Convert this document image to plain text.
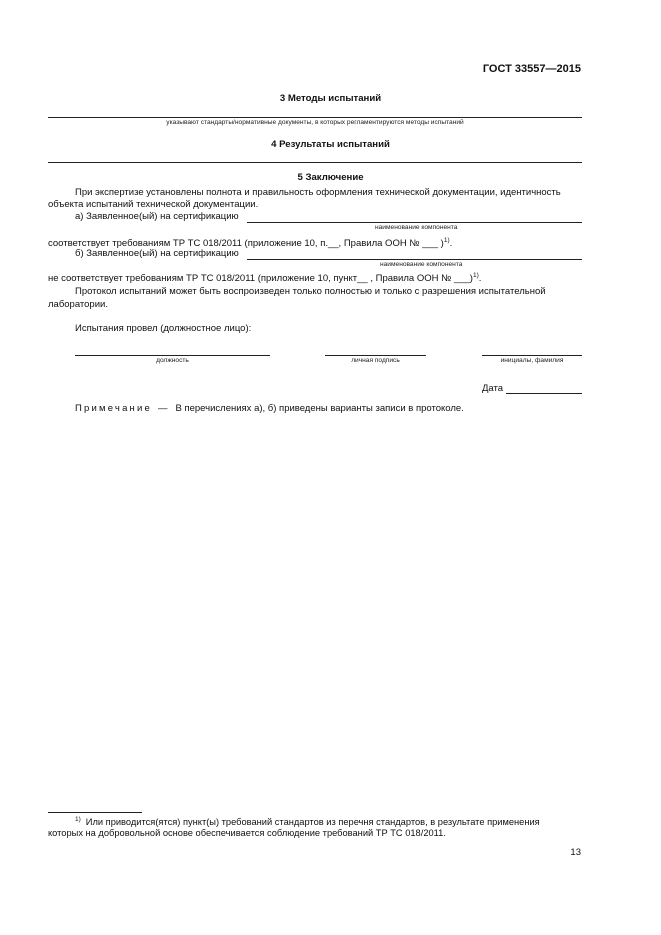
ГОСТ 33557—2015
3 Методы испытаний
указывают стандарты/нормативные документы, в которых регламентируются методы испытаний
4 Результаты испытаний
5 Заключение
При экспертизе установлены полнота и правильность оформления технической документации, идентичность
объекта испытаний технической документации.
а) Заявленное(ый) на сертификацию
наименование компонента
соответствует требованиям ТР ТС 018/2011 (приложение 10, п.__, Правила ООН № ___ )$^{1)}$.
б) Заявленное(ый) на сертификацию
наименование компонента
не соответствует требованиям ТР ТС 018/2011 (приложение 10, пункт__ , Правила ООН № ___)$^{1)}$.
Протокол испытаний может быть воспроизведен только полностью и только с разрешения испытательной
лаборатории.
Испытания провел (должностное лицо):
должность	личная подпись	инициалы, фамилия
Дата
Примечание — В перечислениях а), б) приведены варианты записи в протоколе.
$^{1)}$ Или приводится(ятся) пункт(ы) требований стандартов из перечня стандартов, в результате применения
которых на добровольной основе обеспечивается соблюдение требований ТР ТС 018/2011.
13
